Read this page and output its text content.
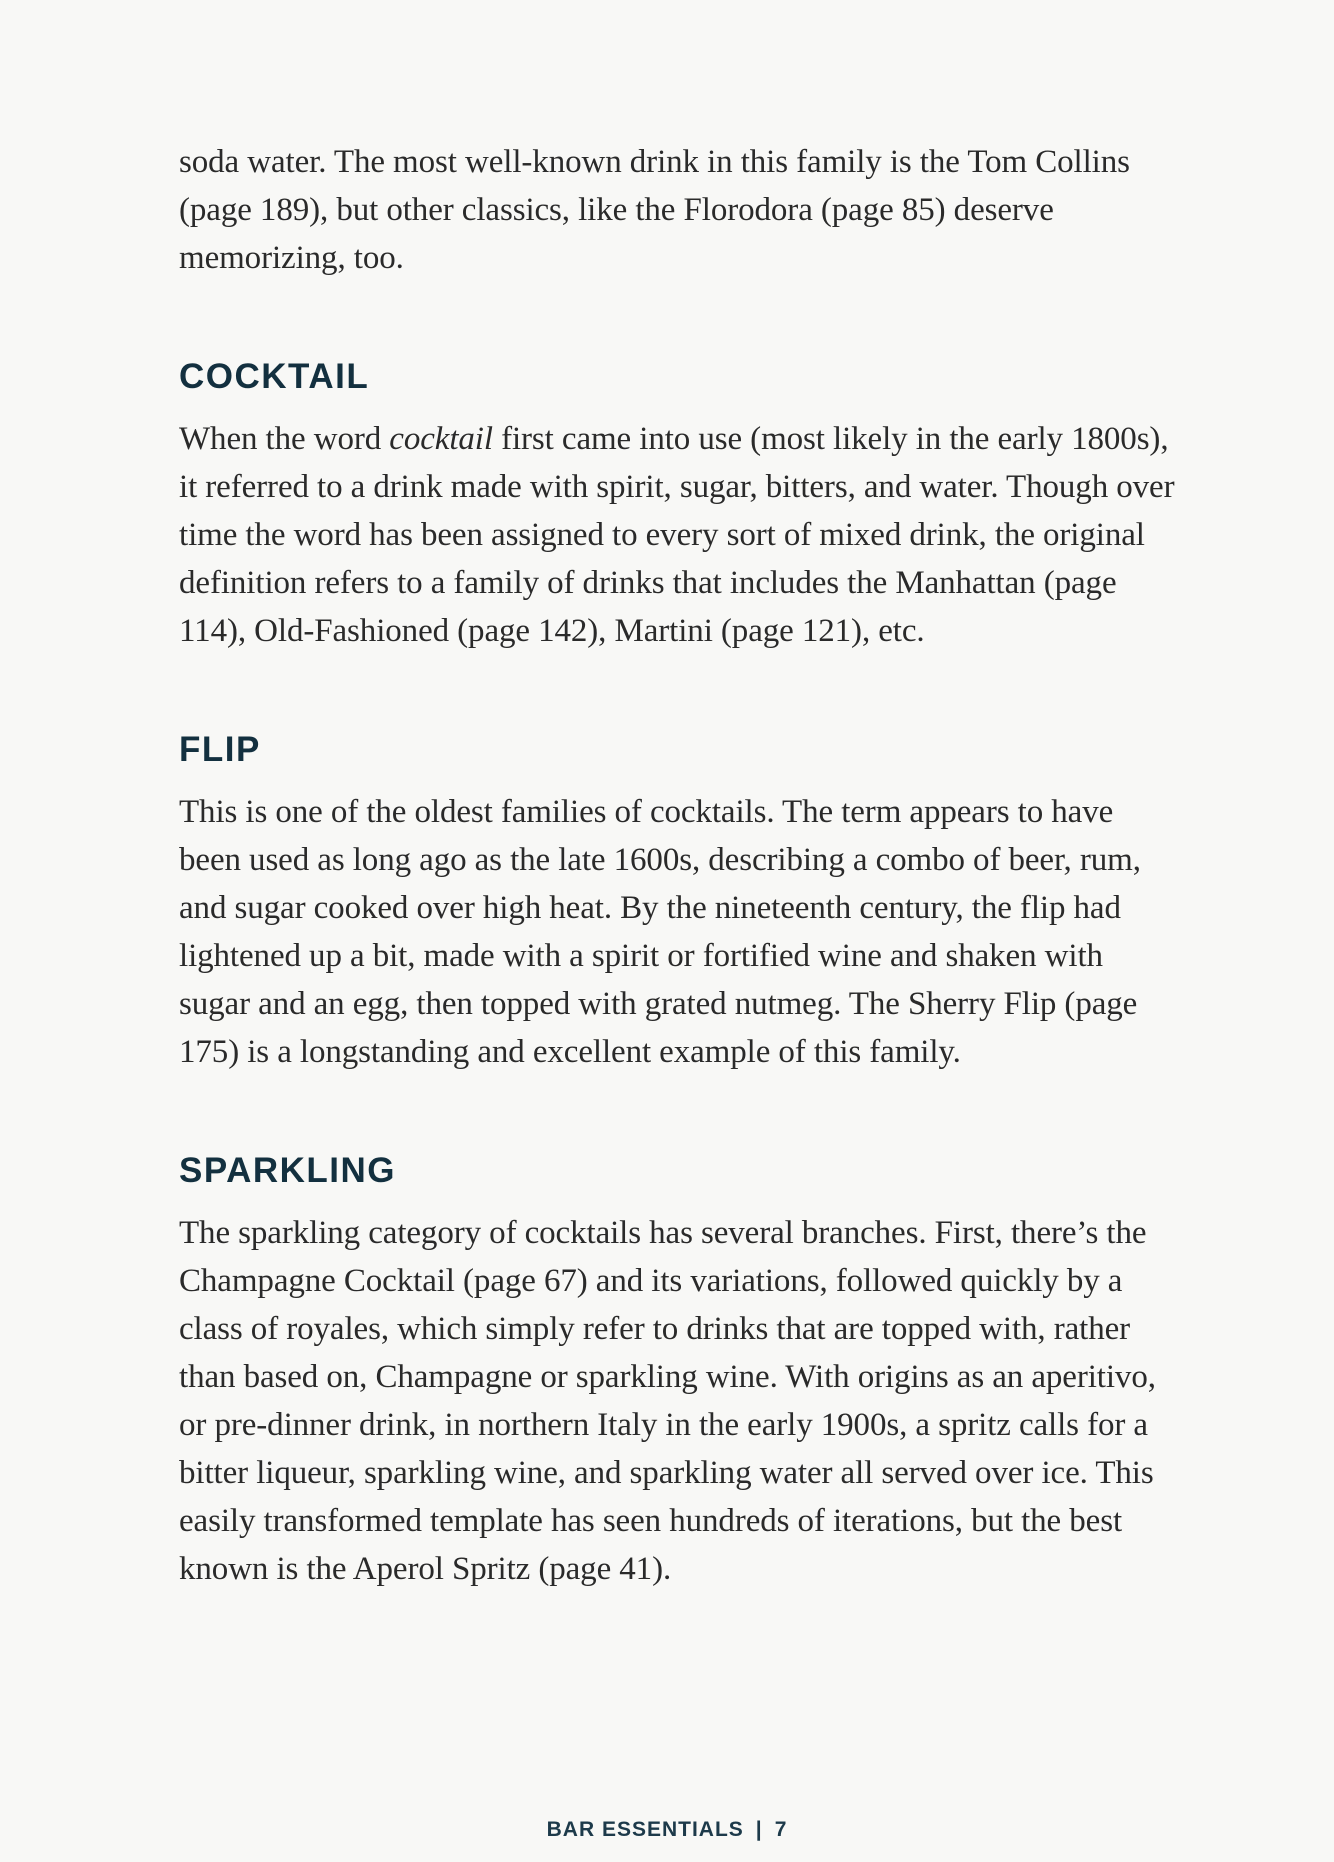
soda water. The most well-known drink in this family is the Tom Collins (page 189), but other classics, like the Florodora (page 85) deserve memorizing, too.

COCKTAIL

When the word cocktail first came into use (most likely in the early 1800s), it referred to a drink made with spirit, sugar, bitters, and water. Though over time the word has been assigned to every sort of mixed drink, the original definition refers to a family of drinks that includes the Manhattan (page 114), Old-Fashioned (page 142), Martini (page 121), etc.

FLIP

This is one of the oldest families of cocktails. The term appears to have been used as long ago as the late 1600s, describing a combo of beer, rum, and sugar cooked over high heat. By the nineteenth century, the flip had lightened up a bit, made with a spirit or fortified wine and shaken with sugar and an egg, then topped with grated nutmeg. The Sherry Flip (page 175) is a longstanding and excellent example of this family.

SPARKLING

The sparkling category of cocktails has several branches. First, there’s the Champagne Cocktail (page 67) and its variations, followed quickly by a class of royales, which simply refer to drinks that are topped with, rather than based on, Champagne or sparkling wine. With origins as an aperitivo, or pre-dinner drink, in northern Italy in the early 1900s, a spritz calls for a bitter liqueur, sparkling wine, and sparkling water all served over ice. This easily transformed template has seen hundreds of iterations, but the best known is the Aperol Spritz (page 41).

BAR ESSENTIALS | 7
